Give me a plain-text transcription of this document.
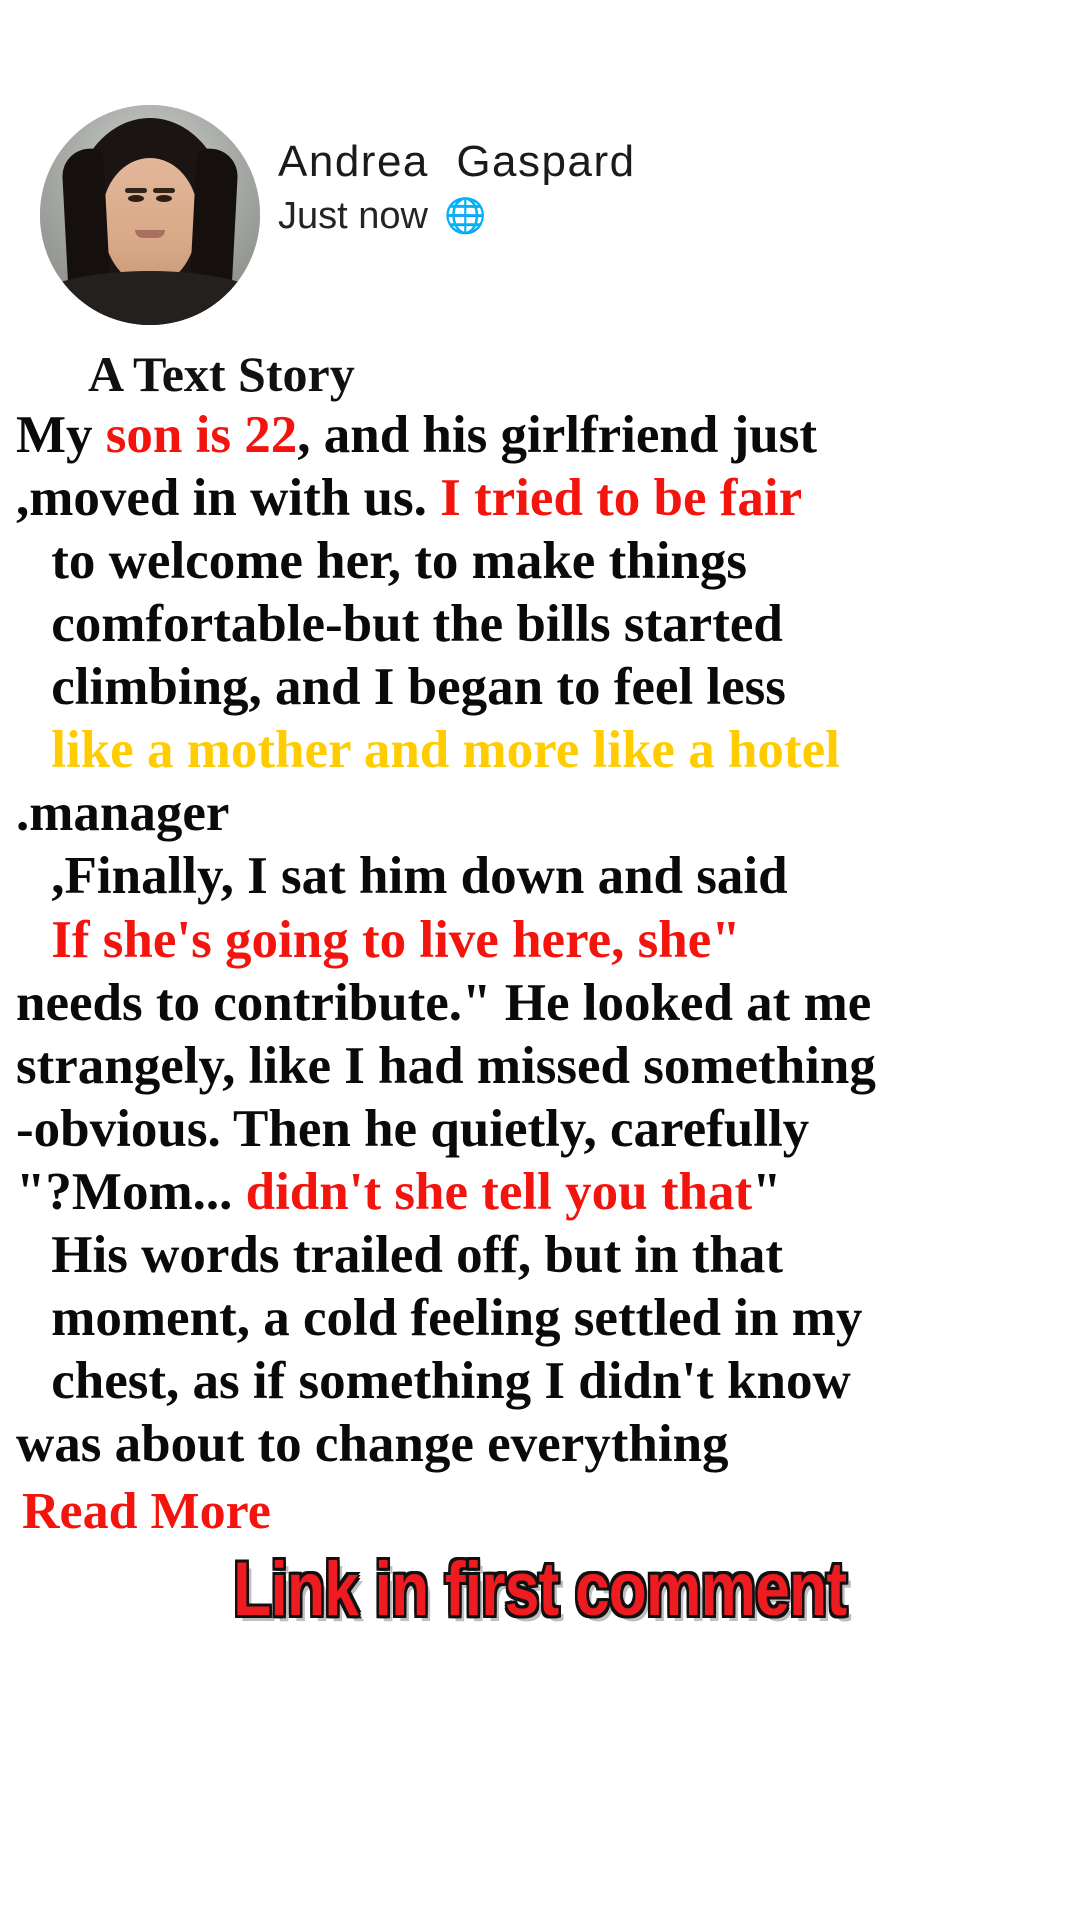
Andrea  Gaspard
Just now 🌐
A Text Story
My son is 22, and his girlfriend just
,moved in with us. I tried to be fair
to welcome her, to make things
comfortable-but the bills started
climbing, and I began to feel less
like a mother and more like a hotel
.manager
,Finally, I sat him down and said
If she's going to live here, she"
needs to contribute." He looked at me
strangely, like I had missed something
-obvious. Then he quietly, carefully
"?Mom... didn't she tell you that"
His words trailed off, but in that
moment, a cold feeling settled in my
chest, as if something I didn't know
was about to change everything
Read More
Link in first comment
